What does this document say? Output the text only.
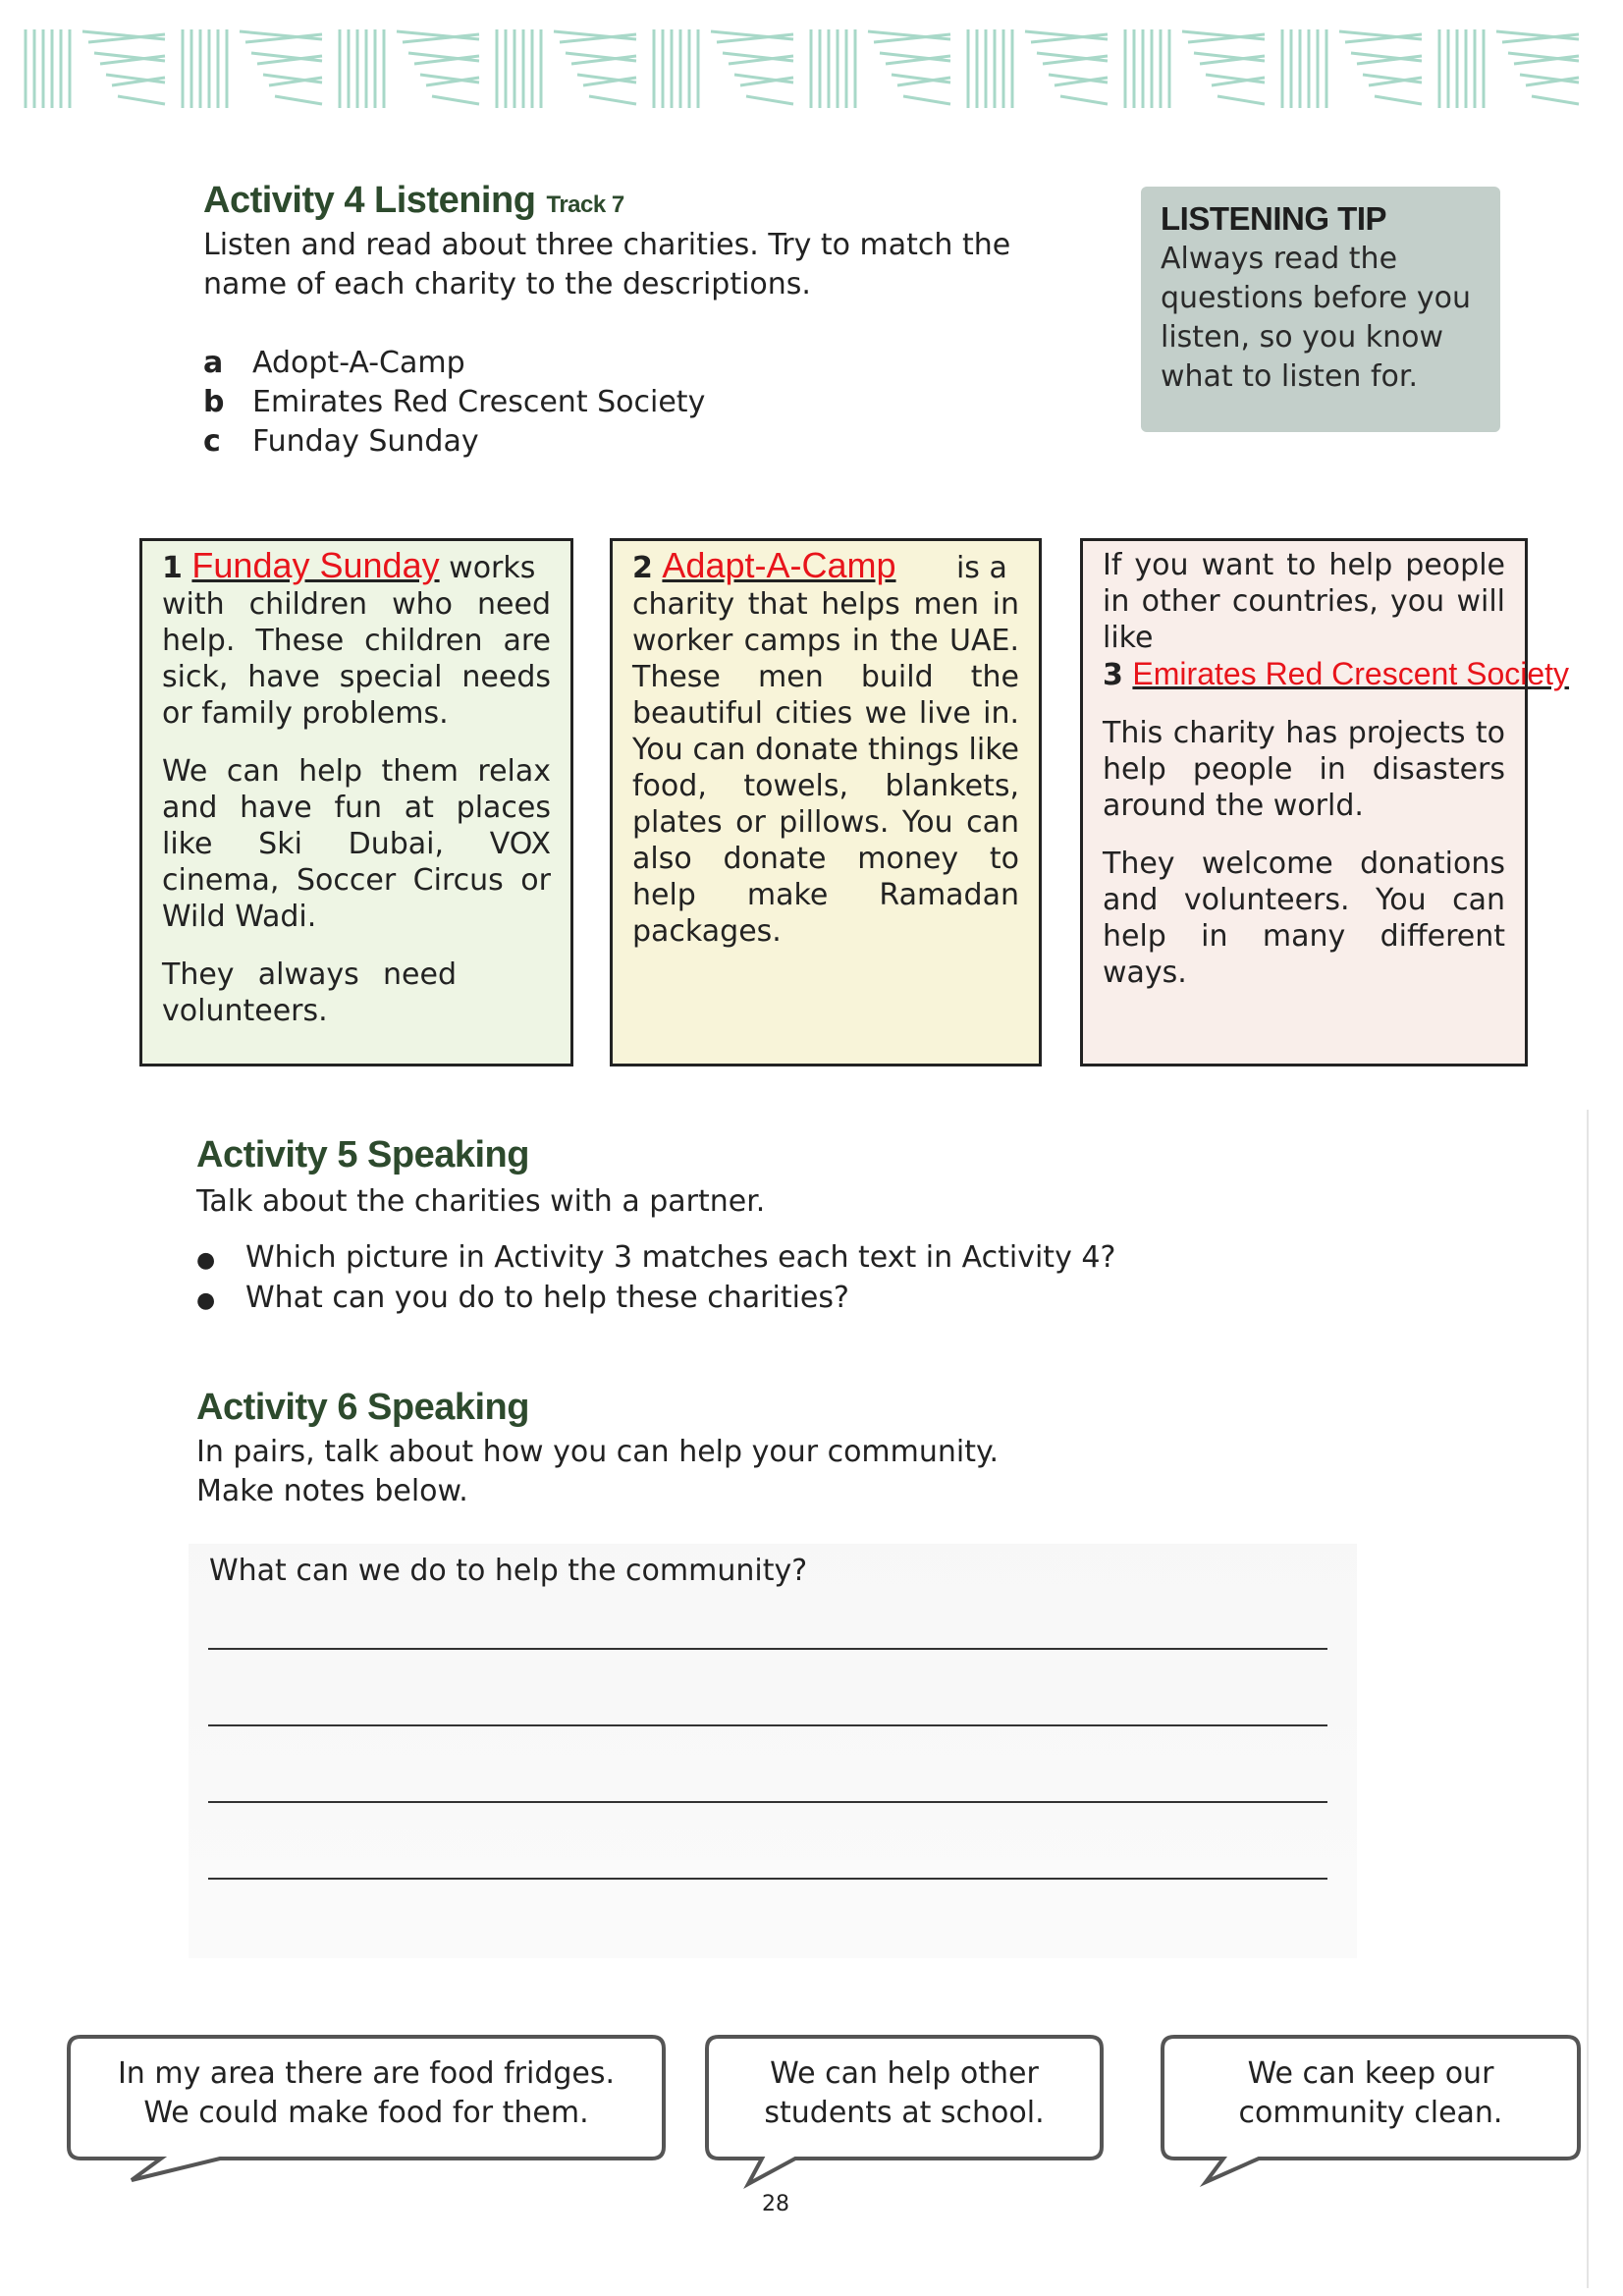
Activity 4 Listening Track 7
Listen and read about three charities. Try to match the name of each charity to the descriptions.
a Adopt-A-Camp
b Emirates Red Crescent Society
c Funday Sunday
LISTENING TIP
Always read the questions before you listen, so you know what to listen for.
1 Funday Sunday works

with children who need help. These children are sick, have special needs or family problems.

We can help them relax and have fun at places like Ski Dubai, VOX cinema, Soccer Circus or Wild Wadi.

They always need volunteers.

2 Adapt-A-Camp is a

charity that helps men in worker camps in the UAE. These men build the beautiful cities we live in. You can donate things like food, towels, blankets, plates or pillows. You can also donate money to help make Ramadan packages.

If you want to help people in other countries, you will like

3 Emirates Red Crescent Society

This charity has projects to help people in disasters around the world.

They welcome donations and volunteers. You can help in many different ways.

Activity 5 Speaking
Talk about the charities with a partner.
● Which picture in Activity 3 matches each text in Activity 4?
● What can you do to help these charities?
Activity 6 Speaking
In pairs, talk about how you can help your community.
Make notes below.
What can we do to help the community?
In my area there are food fridges.
We could make food for them.
We can help other
students at school.
We can keep our
community clean.
28
